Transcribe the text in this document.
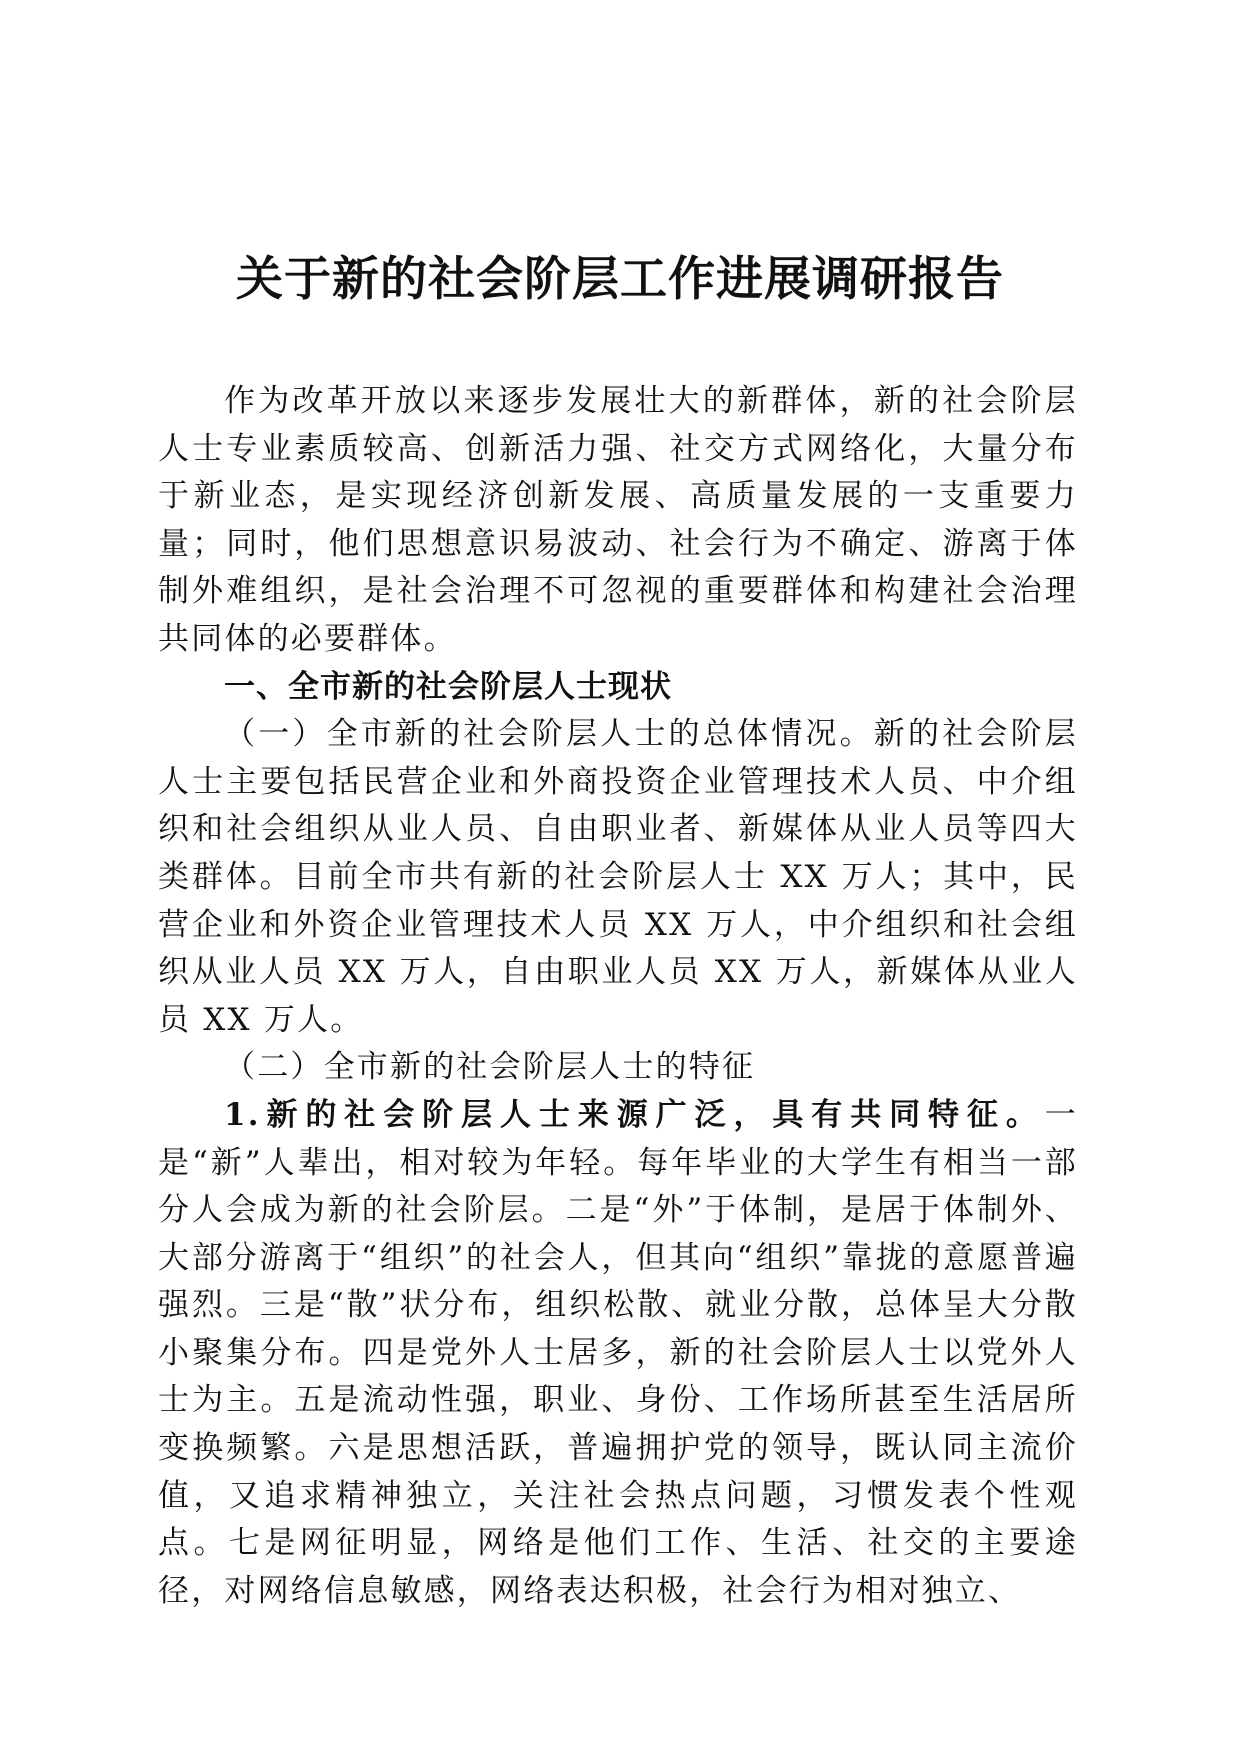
关于新的社会阶层工作进展调研报告

作为改革开放以来逐步发展壮大的新群体，新的社会阶层人士专业素质较高、创新活力强、社交方式网络化，大量分布于新业态，是实现经济创新发展、高质量发展的一支重要力量；同时，他们思想意识易波动、社会行为不确定、游离于体制外难组织，是社会治理不可忽视的重要群体和构建社会治理共同体的必要群体。

一、全市新的社会阶层人士现状

（一）全市新的社会阶层人士的总体情况。新的社会阶层人士主要包括民营企业和外商投资企业管理技术人员、中介组织和社会组织从业人员、自由职业者、新媒体从业人员等四大类群体。目前全市共有新的社会阶层人士 XX 万人；其中，民营企业和外资企业管理技术人员 XX 万人，中介组织和社会组织从业人员 XX 万人，自由职业人员 XX 万人，新媒体从业人员 XX 万人。

（二）全市新的社会阶层人士的特征

1.新的社会阶层人士来源广泛，具有共同特征。一是“新”人辈出，相对较为年轻。每年毕业的大学生有相当一部分人会成为新的社会阶层。二是“外”于体制，是居于体制外、大部分游离于“组织”的社会人，但其向“组织”靠拢的意愿普遍强烈。三是“散”状分布，组织松散、就业分散，总体呈大分散小聚集分布。四是党外人士居多，新的社会阶层人士以党外人士为主。五是流动性强，职业、身份、工作场所甚至生活居所变换频繁。六是思想活跃，普遍拥护党的领导，既认同主流价值，又追求精神独立，关注社会热点问题，习惯发表个性观点。七是网征明显，网络是他们工作、生活、社交的主要途径，对网络信息敏感，网络表达积极，社会行为相对独立、
